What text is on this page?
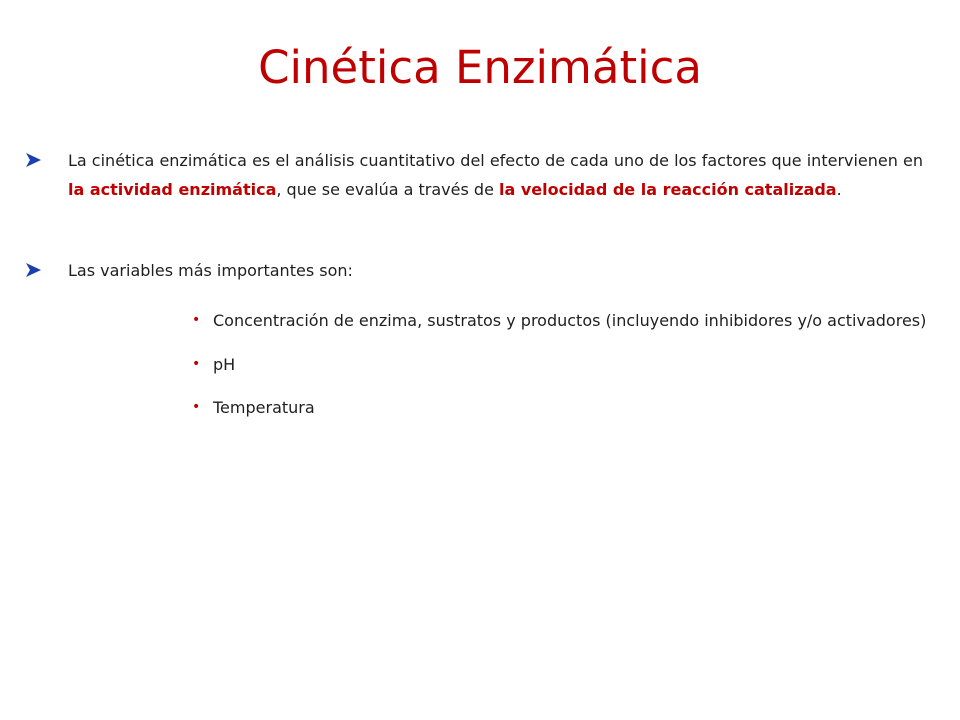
Cinética Enzimática

La cinética enzimática es el análisis cuantitativo del efecto de cada uno de los factores que intervienen en la actividad enzimática, que se evalúa a través de la velocidad de la reacción catalizada.

Las variables más importantes son:

• Concentración de enzima, sustratos y productos (incluyendo inhibidores y/o activadores)
• pH
• Temperatura
